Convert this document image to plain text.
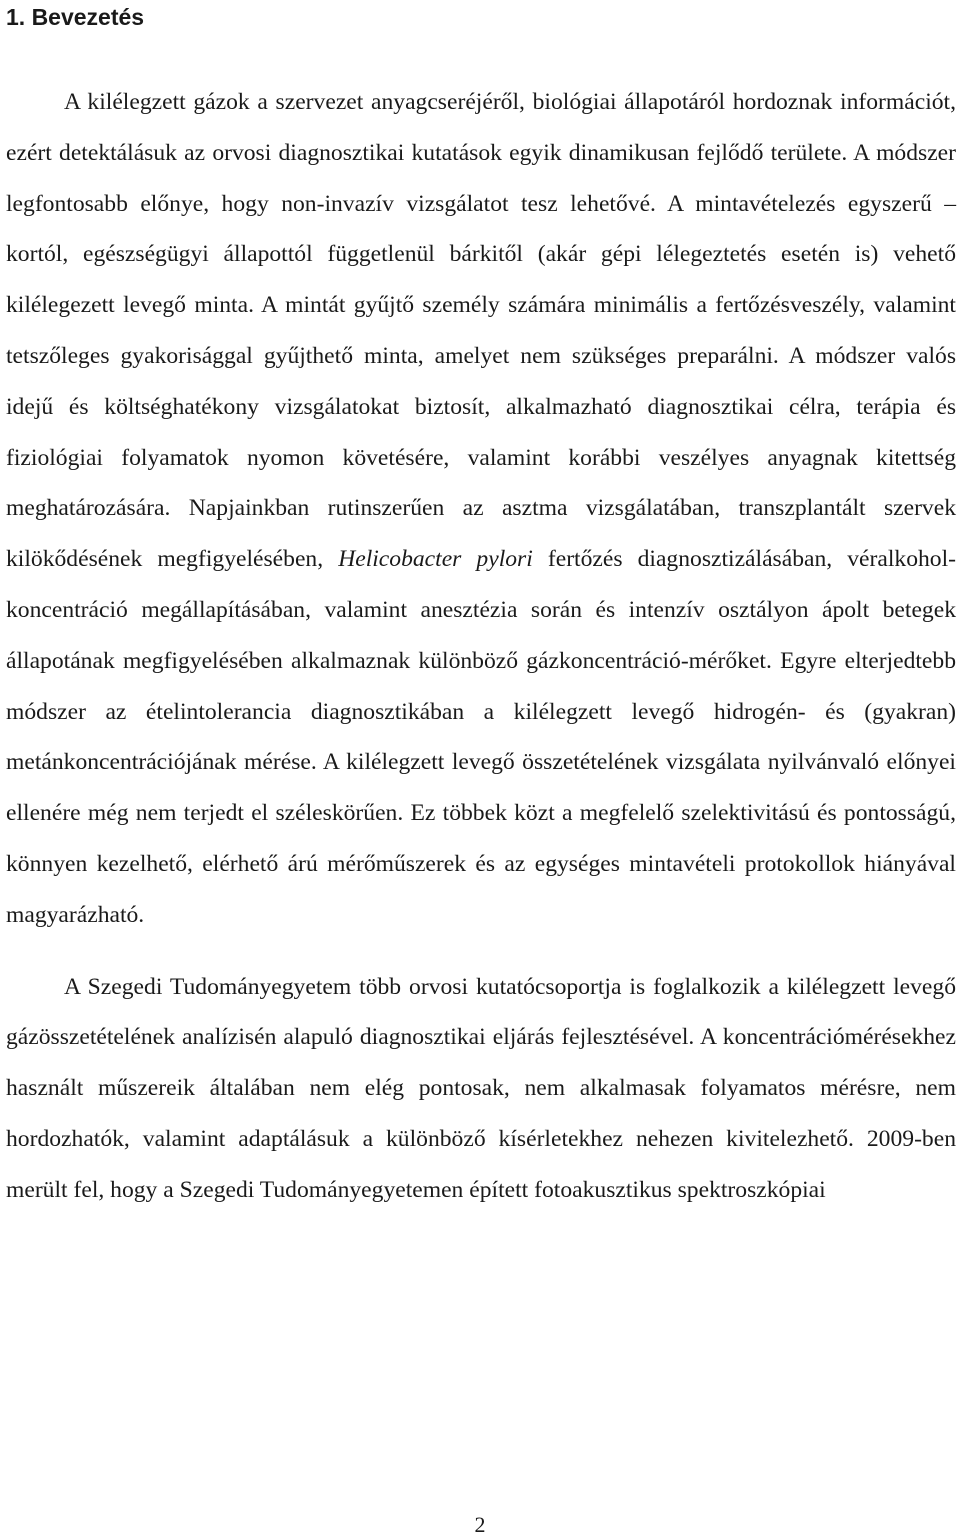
1. Bevezetés

A kilélegzett gázok a szervezet anyagcseréjéről, biológiai állapotáról hordoznak információt, ezért detektálásuk az orvosi diagnosztikai kutatások egyik dinamikusan fejlődő területe. A módszer legfontosabb előnye, hogy non-invazív vizsgálatot tesz lehetővé. A mintavételezés egyszerű – kortól, egészségügyi állapottól függetlenül bárkitől (akár gépi lélegeztetés esetén is) vehető kilélegezett levegő minta. A mintát gyűjtő személy számára minimális a fertőzésveszély, valamint tetszőleges gyakorisággal gyűjthető minta, amelyet nem szükséges preparálni. A módszer valós idejű és költséghatékony vizsgálatokat biztosít, alkalmazható diagnosztikai célra, terápia és fiziológiai folyamatok nyomon követésére, valamint korábbi veszélyes anyagnak kitettség meghatározására. Napjainkban rutinszerűen az asztma vizsgálatában, transzplantált szervek kilökődésének megfigyelésében, Helicobacter pylori fertőzés diagnosztizálásában, véralkohol-koncentráció megállapításában, valamint anesztézia során és intenzív osztályon ápolt betegek állapotának megfigyelésében alkalmaznak különböző gázkoncentráció-mérőket. Egyre elterjedtebb módszer az ételintolerancia diagnosztikában a kilélegzett levegő hidrogén- és (gyakran) metánkoncentrációjának mérése. A kilélegzett levegő összetételének vizsgálata nyilvánvaló előnyei ellenére még nem terjedt el széleskörűen. Ez többek közt a megfelelő szelektivitású és pontosságú, könnyen kezelhető, elérhető árú mérőműszerek és az egységes mintavételi protokollok hiányával magyarázható.

A Szegedi Tudományegyetem több orvosi kutatócsoportja is foglalkozik a kilélegzett levegő gázösszetételének analízisén alapuló diagnosztikai eljárás fejlesztésével. A koncentrációmérésekhez használt műszereik általában nem elég pontosak, nem alkalmasak folyamatos mérésre, nem hordozhatók, valamint adaptálásuk a különböző kísérletekhez nehezen kivitelezhető. 2009-ben merült fel, hogy a Szegedi Tudományegyetemen épített fotoakusztikus spektroszkópiai

2
